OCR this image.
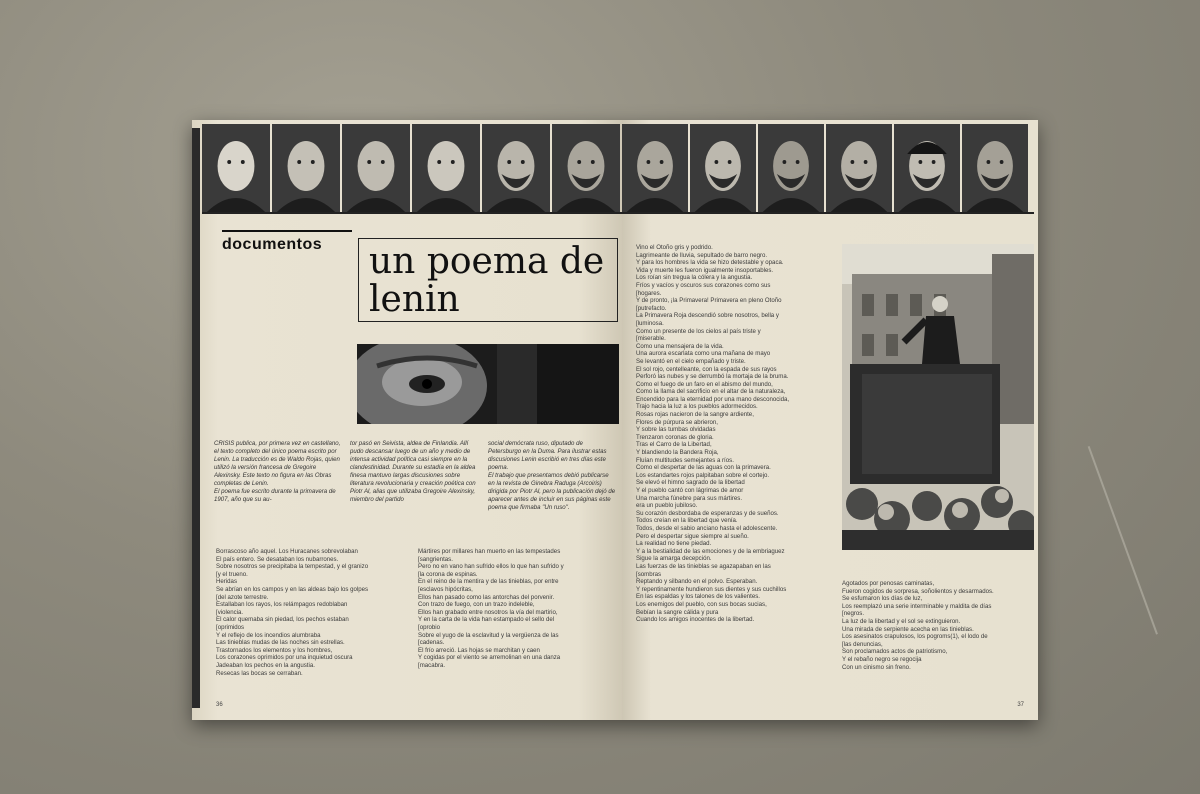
documentos un poema de
lenin
CRISIS publica, por primera vez en castellano, el texto completo del único poema escrito por Lenin. La traducción es de Waldo Rojas, quien utilizó la versión francesa de Gregoire Alexinsky. Este texto no figura en las Obras completas de Lenin.
El poema fue escrito durante la primavera de 1907, año que su au-
tor pasó en Seivista, aldea de Finlandia. Allí pudo descansar luego de un año y medio de intensa actividad política casi siempre en la clandestinidad. Durante su estadía en la aldea finesa mantuvo largas discusiones sobre literatura revolucionaria y creación poética con Piotr Al, alias que utilizaba Gregoire Alexinsky, miembro del partido
social demócrata ruso, diputado de Petersburgo en la Duma. Para ilustrar estas discusiones Lenin escribió en tres días este poema.
El trabajo que presentamos debió publicarse en la revista de Ginebra Raduga (Arcoiris) dirigida por Piotr Al, pero la publicación dejó de aparecer antes de incluir en sus páginas este poema que firmaba "Un ruso".
Borrascoso año aquel. Los Huracanes sobrevolaban
El país entero. Se desataban los nubarrones.
Sobre nosotros se precipitaba la tempestad, y el granizo
[y el trueno.
Heridas
Se abrían en los campos y en las aldeas bajo los golpes
[del azote terrestre.
Estallaban los rayos, los relámpagos redoblaban
[violencia.
El calor quemaba sin piedad, los pechos estaban
[oprimidos
Y el reflejo de los incendios alumbraba
Las tinieblas mudas de las noches sin estrellas.
Trastornados los elementos y los hombres,
Los corazones oprimidos por una inquietud oscura
Jadeaban los pechos en la angustia.
Resecas las bocas se cerraban.
Mártires por millares han muerto en las tempestades
[sangrientas.
Pero no en vano han sufrido ellos lo que han sufrido y
[la corona de espinas.
En el reino de la mentira y de las tinieblas, por entre
[esclavos hipócritas,
Ellos han pasado como las antorchas del porvenir.
Con trazo de fuego, con un trazo indeleble,
Ellos han grabado entre nosotros la vía del martirio,
Y en la carta de la vida han estampado el sello del
[oprobio
Sobre el yugo de la esclavitud y la vergüenza de las
[cadenas.
El frío arreció. Las hojas se marchitan y caen
Y cogidas por el viento se arremolinan en una danza
[macabra.
36
Vino el Otoño gris y podrido.
Lagrimeante de lluvia, sepultado de barro negro.
Y para los hombres la vida se hizo detestable y opaca.
Vida y muerte les fueron igualmente insoportables.
Los roían sin tregua la cólera y la angustia.
Fríos y vacíos y oscuros sus corazones como sus
[hogares.
Y de pronto, ¡la Primavera! Primavera en pleno Otoño
[putrefacto.
La Primavera Roja descendió sobre nosotros, bella y
[luminosa.
Como un presente de los cielos al país triste y
[miserable.
Como una mensajera de la vida.
Una aurora escarlata como una mañana de mayo
Se levantó en el cielo empañado y triste.
El sol rojo, centelleante, con la espada de sus rayos
Perforó las nubes y se derrumbó la mortaja de la bruma.
Como el fuego de un faro en el abismo del mundo,
Como la llama del sacrificio en el altar de la naturaleza,
Encendido para la eternidad por una mano desconocida,
Trajo hacia la luz a los pueblos adormecidos.
Rosas rojas nacieron de la sangre ardiente,
Flores de púrpura se abrieron,
Y sobre las tumbas olvidadas
Trenzaron coronas de gloria.
Tras el Carro de la Libertad,
Y blandiendo la Bandera Roja,
Fluían multitudes semejantes a ríos.
Como el despertar de las aguas con la primavera.
Los estandartes rojos palpitaban sobre el cortejo.
Se elevó el himno sagrado de la libertad
Y el pueblo cantó con lágrimas de amor
Una marcha fúnebre para sus mártires.
era un pueblo jubiloso.
Su corazón desbordaba de esperanzas y de sueños.
Todos creían en la libertad que venía.
Todos, desde el sabio anciano hasta el adolescente.
Pero el despertar sigue siempre al sueño.
La realidad no tiene piedad.
Y a la bestialidad de las emociones y de la embriaguez
Sigue la amarga decepción.
Las fuerzas de las tinieblas se agazapaban en las
[sombras
Reptando y silbando en el polvo. Esperaban.
Y repentinamente hundieron sus dientes y sus cuchillos
En las espaldas y los talones de los valientes.
Los enemigos del pueblo, con sus bocas sucias,
Bebían la sangre cálida y pura
Cuando los amigos inocentes de la libertad.
Agotados por penosas caminatas,
Fueron cogidos de sorpresa, soñolientos y desarmados.
Se esfumaron los días de luz,
Los reemplazó una serie interminable y maldita de días
[negros.
La luz de la libertad y el sol se extinguieron.
Una mirada de serpiente acecha en las tinieblas.
Los asesinatos crapulosos, los pogroms(1), el lodo de
[las denuncias,
Son proclamados actos de patriotismo,
Y el rebaño negro se regocija
Con un cinismo sin freno.
37
